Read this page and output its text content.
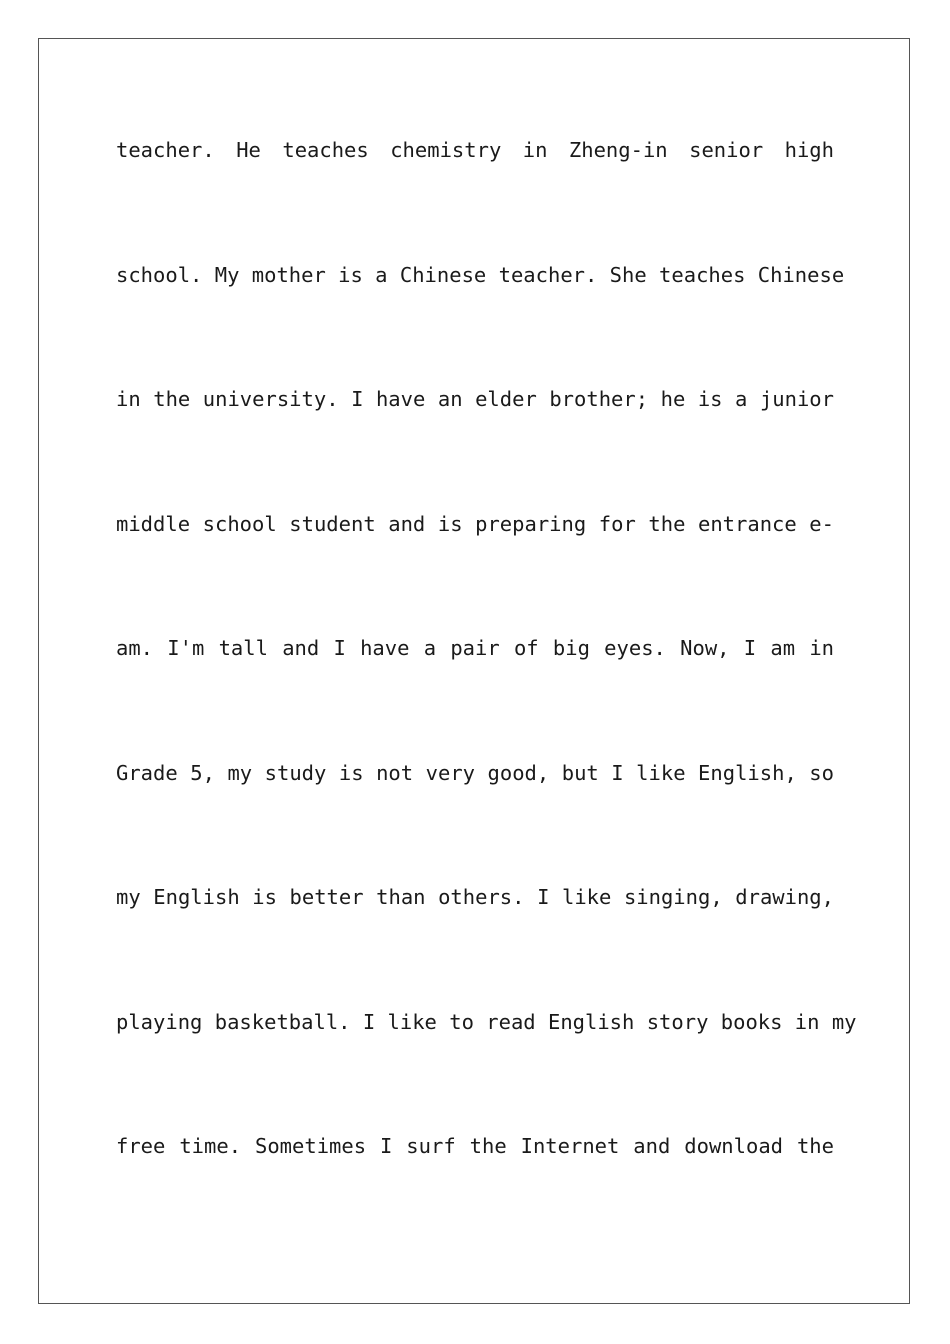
teacher. He teaches chemistry in Zheng-in senior high

school. My mother is a Chinese teacher. She teaches Chinese

in the university. I have an elder brother; he is a junior

middle school student and is preparing for the entrance e-

am. I'm tall and I have a pair of big eyes. Now, I am in

Grade 5, my study is not very good, but I like English, so

my English is better than others. I like singing, drawing,

playing basketball. I like to read English story books in my

free time. Sometimes I surf the Internet and download the
